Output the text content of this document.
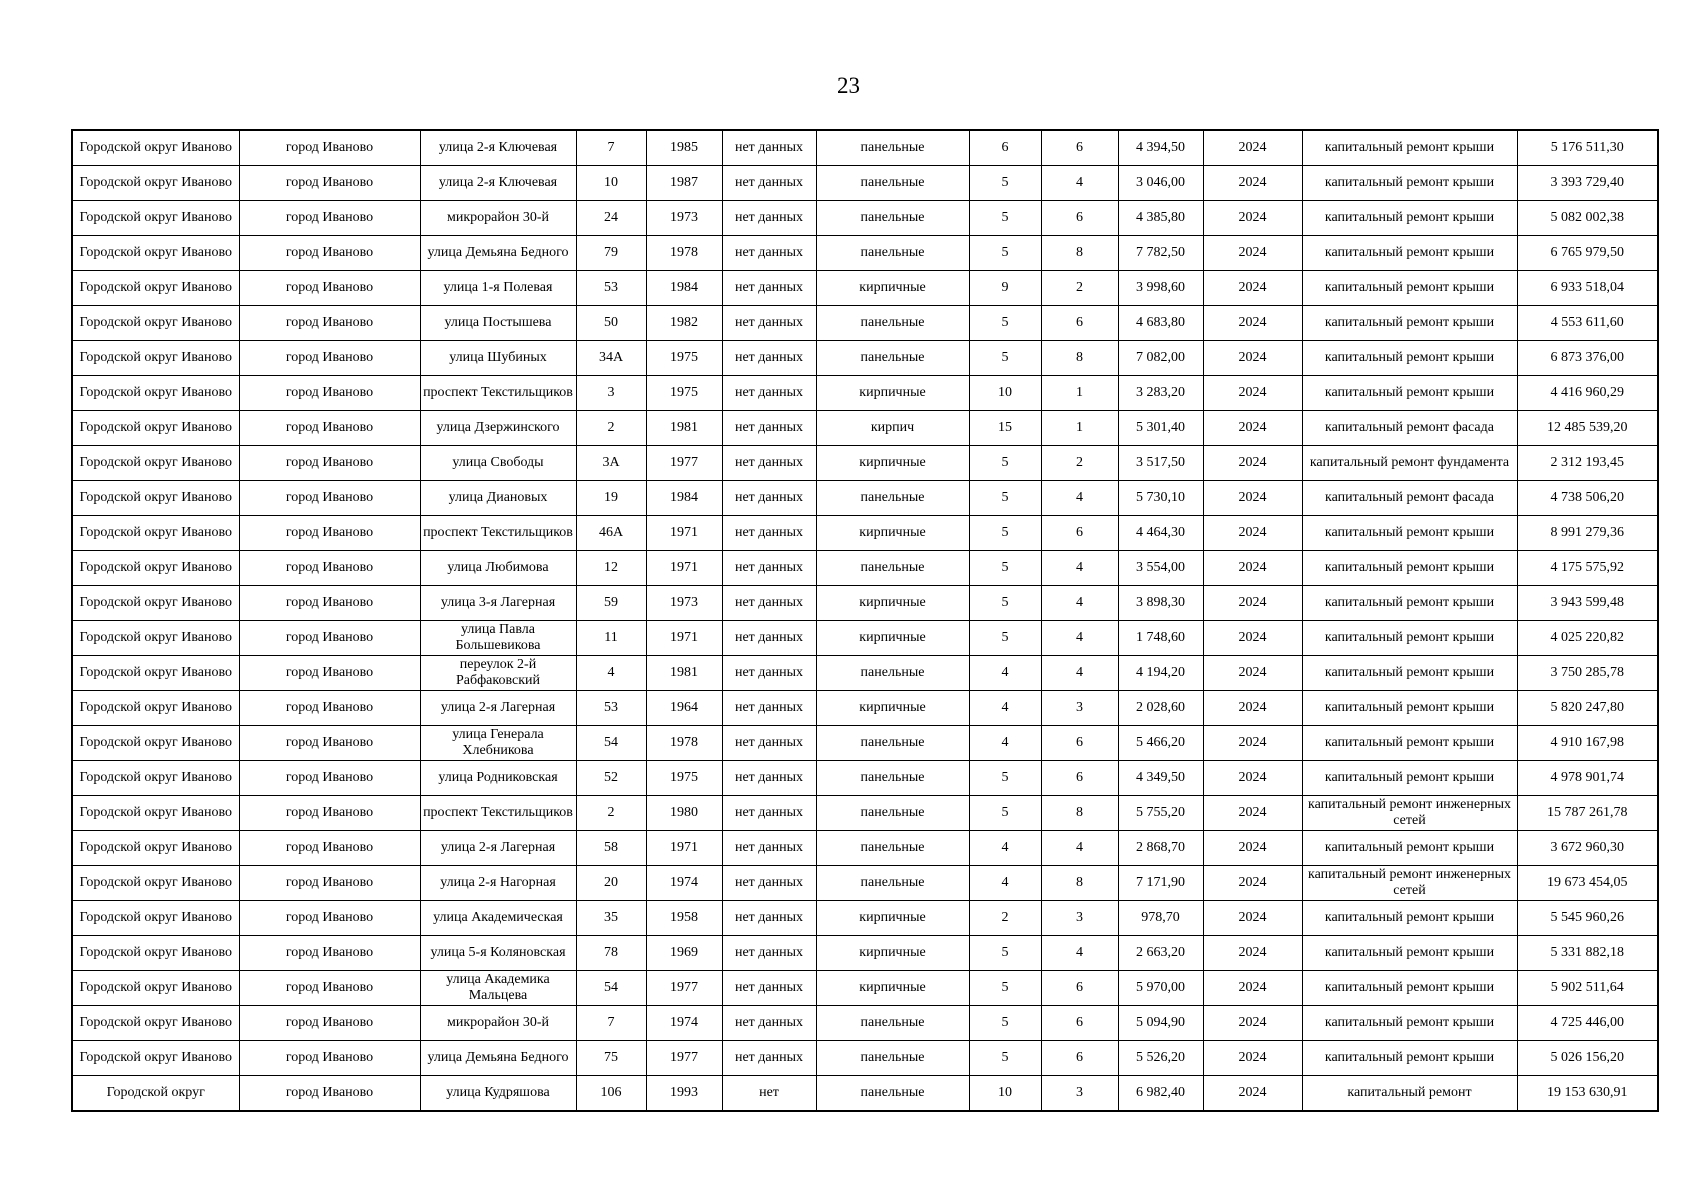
23
Городской округ Иваново	город Иваново	улица 2-я Ключевая	7	1985	нет данных	панельные	6	6	4 394,50	2024	капитальный ремонт крыши	5 176 511,30
Городской округ Иваново	город Иваново	улица 2-я Ключевая	10	1987	нет данных	панельные	5	4	3 046,00	2024	капитальный ремонт крыши	3 393 729,40
Городской округ Иваново	город Иваново	микрорайон 30-й	24	1973	нет данных	панельные	5	6	4 385,80	2024	капитальный ремонт крыши	5 082 002,38
Городской округ Иваново	город Иваново	улица Демьяна Бедного	79	1978	нет данных	панельные	5	8	7 782,50	2024	капитальный ремонт крыши	6 765 979,50
Городской округ Иваново	город Иваново	улица 1-я Полевая	53	1984	нет данных	кирпичные	9	2	3 998,60	2024	капитальный ремонт крыши	6 933 518,04
Городской округ Иваново	город Иваново	улица Постышева	50	1982	нет данных	панельные	5	6	4 683,80	2024	капитальный ремонт крыши	4 553 611,60
Городской округ Иваново	город Иваново	улица Шубиных	34А	1975	нет данных	панельные	5	8	7 082,00	2024	капитальный ремонт крыши	6 873 376,00
Городской округ Иваново	город Иваново	проспект Текстильщиков	3	1975	нет данных	кирпичные	10	1	3 283,20	2024	капитальный ремонт крыши	4 416 960,29
Городской округ Иваново	город Иваново	улица Дзержинского	2	1981	нет данных	кирпич	15	1	5 301,40	2024	капитальный ремонт фасада	12 485 539,20
Городской округ Иваново	город Иваново	улица Свободы	3А	1977	нет данных	кирпичные	5	2	3 517,50	2024	капитальный ремонт фундамента	2 312 193,45
Городской округ Иваново	город Иваново	улица Диановых	19	1984	нет данных	панельные	5	4	5 730,10	2024	капитальный ремонт фасада	4 738 506,20
Городской округ Иваново	город Иваново	проспект Текстильщиков	46А	1971	нет данных	кирпичные	5	6	4 464,30	2024	капитальный ремонт крыши	8 991 279,36
Городской округ Иваново	город Иваново	улица Любимова	12	1971	нет данных	панельные	5	4	3 554,00	2024	капитальный ремонт крыши	4 175 575,92
Городской округ Иваново	город Иваново	улица 3-я Лагерная	59	1973	нет данных	кирпичные	5	4	3 898,30	2024	капитальный ремонт крыши	3 943 599,48
Городской округ Иваново	город Иваново	улица Павла Большевикова	11	1971	нет данных	кирпичные	5	4	1 748,60	2024	капитальный ремонт крыши	4 025 220,82
Городской округ Иваново	город Иваново	переулок 2-й Рабфаковский	4	1981	нет данных	панельные	4	4	4 194,20	2024	капитальный ремонт крыши	3 750 285,78
Городской округ Иваново	город Иваново	улица 2-я Лагерная	53	1964	нет данных	кирпичные	4	3	2 028,60	2024	капитальный ремонт крыши	5 820 247,80
Городской округ Иваново	город Иваново	улица Генерала Хлебникова	54	1978	нет данных	панельные	4	6	5 466,20	2024	капитальный ремонт крыши	4 910 167,98
Городской округ Иваново	город Иваново	улица Родниковская	52	1975	нет данных	панельные	5	6	4 349,50	2024	капитальный ремонт крыши	4 978 901,74
Городской округ Иваново	город Иваново	проспект Текстильщиков	2	1980	нет данных	панельные	5	8	5 755,20	2024	капитальный ремонт инженерных сетей	15 787 261,78
Городской округ Иваново	город Иваново	улица 2-я Лагерная	58	1971	нет данных	панельные	4	4	2 868,70	2024	капитальный ремонт крыши	3 672 960,30
Городской округ Иваново	город Иваново	улица 2-я Нагорная	20	1974	нет данных	панельные	4	8	7 171,90	2024	капитальный ремонт инженерных сетей	19 673 454,05
Городской округ Иваново	город Иваново	улица Академическая	35	1958	нет данных	кирпичные	2	3	978,70	2024	капитальный ремонт крыши	5 545 960,26
Городской округ Иваново	город Иваново	улица 5-я Коляновская	78	1969	нет данных	кирпичные	5	4	2 663,20	2024	капитальный ремонт крыши	5 331 882,18
Городской округ Иваново	город Иваново	улица Академика Мальцева	54	1977	нет данных	кирпичные	5	6	5 970,00	2024	капитальный ремонт крыши	5 902 511,64
Городской округ Иваново	город Иваново	микрорайон 30-й	7	1974	нет данных	панельные	5	6	5 094,90	2024	капитальный ремонт крыши	4 725 446,00
Городской округ Иваново	город Иваново	улица Демьяна Бедного	75	1977	нет данных	панельные	5	6	5 526,20	2024	капитальный ремонт крыши	5 026 156,20
Городской округ	город Иваново	улица Кудряшова	106	1993	нет	панельные	10	3	6 982,40	2024	капитальный ремонт	19 153 630,91
